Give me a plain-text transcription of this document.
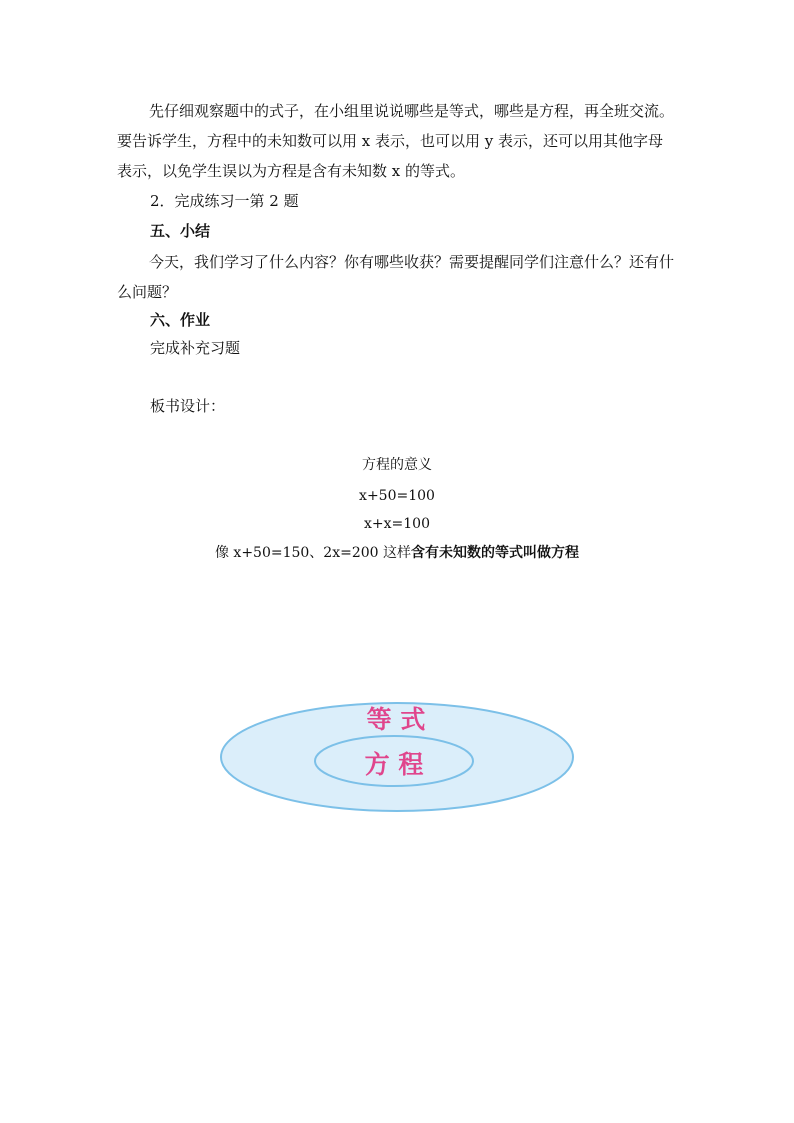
先仔细观察题中的式子，在小组里说说哪些是等式，哪些是方程，再全班交流。要告诉学生，方程中的未知数可以用 x 表示，也可以用 y 表示，还可以用其他字母表示，以免学生误以为方程是含有未知数 x 的等式。

2．完成练习一第 2 题

五、小结

今天，我们学习了什么内容？你有哪些收获？需要提醒同学们注意什么？还有什么问题？

六、作业

完成补充习题

板书设计：

方程的意义

x+50=100

x+x=100

像 x+50=150、2x=200 这样含有未知数的等式叫做方程

等 式
方 程
